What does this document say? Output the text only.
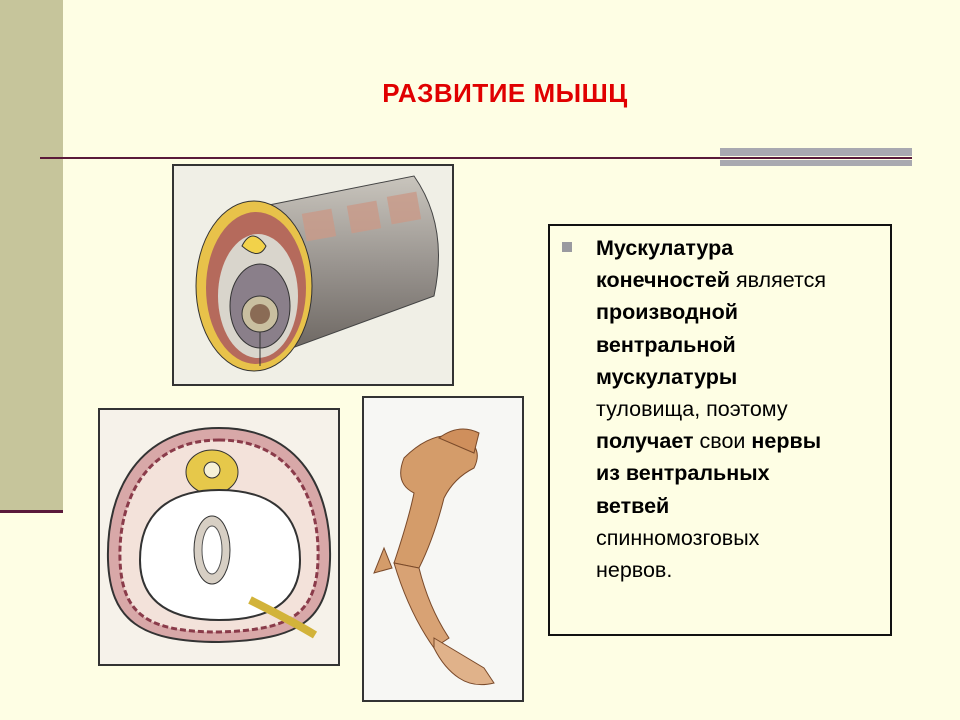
РАЗВИТИЕ МЫШЦ
Мускулатура
конечностей является
производной
вентральной
мускулатуры
туловища, поэтому
получает свои нервы
из вентральных
ветвей
спинномозговых
нервов.
